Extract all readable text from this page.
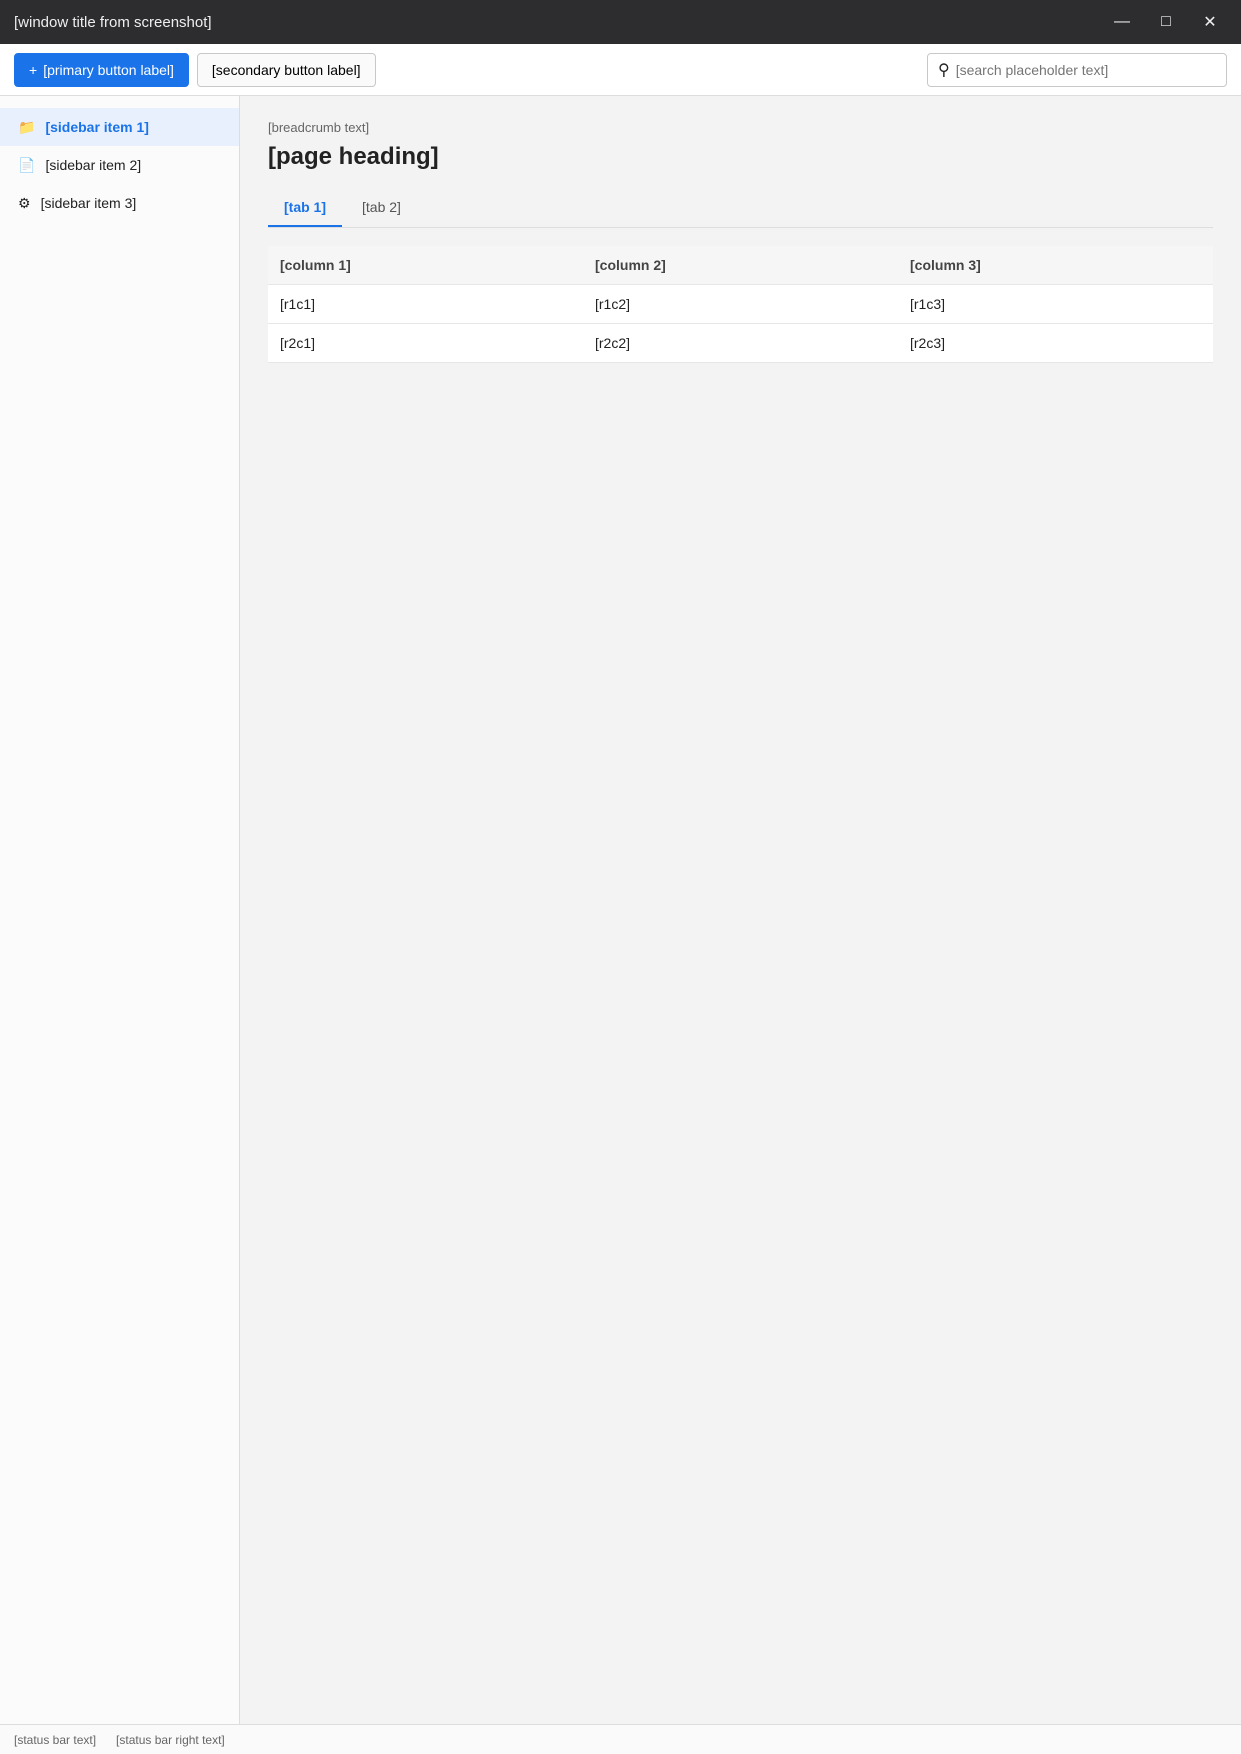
[window title from screenshot]	—	□	✕
+ [primary button label]	[secondary button label]	⚲
[search placeholder text]
📁 [sidebar item 1]
📄 [sidebar item 2]
⚙ [sidebar item 3]
[breadcrumb text]
[page heading]
[tab 1]	[tab 2]
[column 1]	[column 2]	[column 3]
[r1c1]	[r1c2]	[r1c3]
[r2c1]	[r2c2]	[r2c3]
[status bar text] [status bar right text]
